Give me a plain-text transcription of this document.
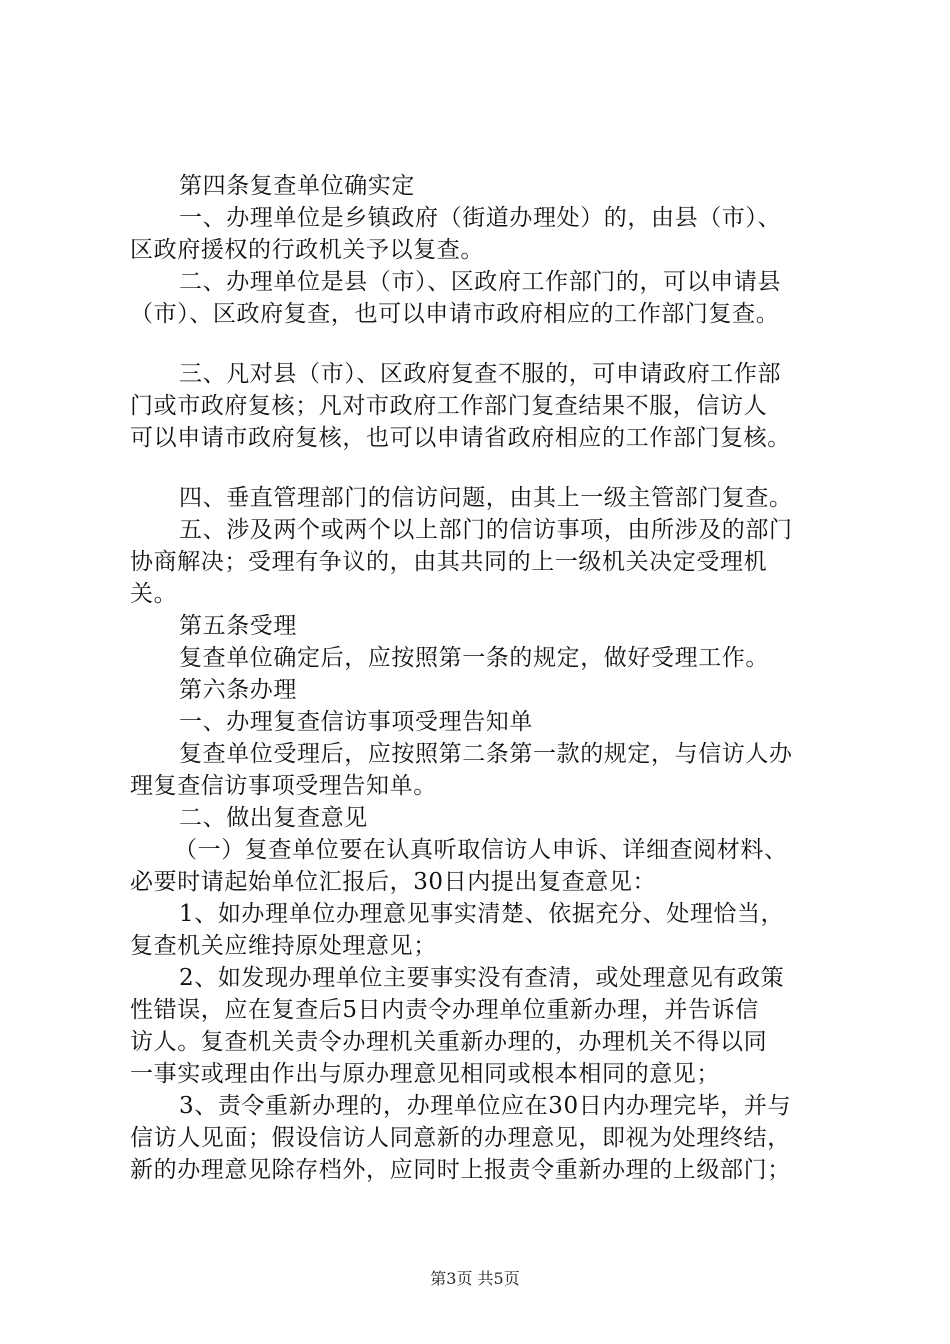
第四条复查单位确实定
一、办理单位是乡镇政府（街道办理处）的，由县（市）、
区政府援权的行政机关予以复查。
二、办理单位是县（市）、区政府工作部门的，可以申请县
（市）、区政府复查，也可以申请市政府相应的工作部门复查。
三、凡对县（市）、区政府复查不服的，可申请政府工作部
门或市政府复核；凡对市政府工作部门复查结果不服，信访人
可以申请市政府复核，也可以申请省政府相应的工作部门复核。
四、垂直管理部门的信访问题，由其上一级主管部门复查。
五、涉及两个或两个以上部门的信访事项，由所涉及的部门
协商解决；受理有争议的，由其共同的上一级机关决定受理机
关。
第五条受理
复查单位确定后，应按照第一条的规定，做好受理工作。
第六条办理
一、办理复查信访事项受理告知单
复查单位受理后，应按照第二条第一款的规定，与信访人办
理复查信访事项受理告知单。
二、做出复查意见
（一）复查单位要在认真听取信访人申诉、详细查阅材料、
必要时请起始单位汇报后，30日内提出复查意见：
1、如办理单位办理意见事实清楚、依据充分、处理恰当，
复查机关应维持原处理意见；
2、如发现办理单位主要事实没有查清，或处理意见有政策
性错误，应在复查后5日内责令办理单位重新办理，并告诉信
访人。复查机关责令办理机关重新办理的，办理机关不得以同
一事实或理由作出与原办理意见相同或根本相同的意见；
3、责令重新办理的，办理单位应在30日内办理完毕，并与
信访人见面；假设信访人同意新的办理意见，即视为处理终结，
新的办理意见除存档外，应同时上报责令重新办理的上级部门；
第3页 共5页
